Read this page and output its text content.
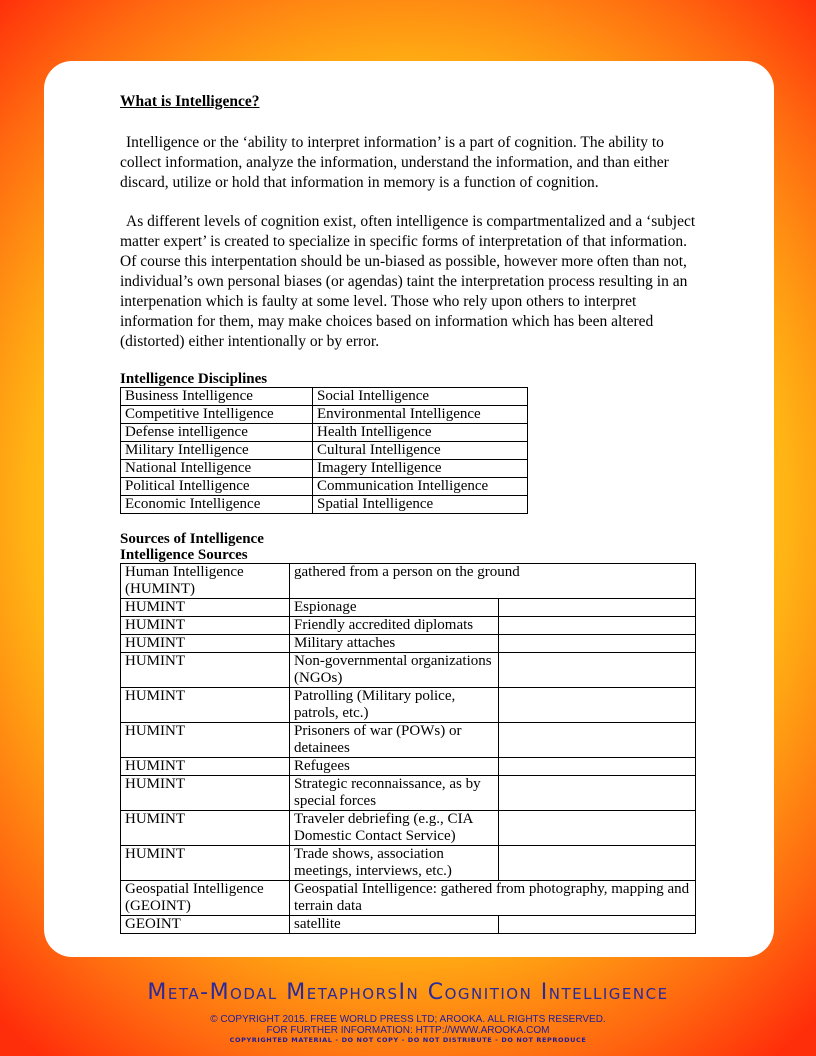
What is Intelligence?

Intelligence or the ‘ability to interpret information’ is a part of cognition. The ability to collect information, analyze the information, understand the information, and than either discard, utilize or hold that information in memory is a function of cognition.

As different levels of cognition exist, often intelligence is compartmentalized and a ‘subject matter expert’ is created to specialize in specific forms of interpretation of that information. Of course this interpentation should be un-biased as possible, however more often than not, individual’s own personal biases (or agendas) taint the interpretation process resulting in an interpenation which is faulty at some level. Those who rely upon others to interpret information for them, may make choices based on information which has been altered (distorted) either intentionally or by error.

Intelligence Disciplines
Business Intelligence	Social Intelligence
Competitive Intelligence	Environmental Intelligence
Defense intelligence	Health Intelligence
Military Intelligence	Cultural Intelligence
National Intelligence	Imagery Intelligence
Political Intelligence	Communication Intelligence
Economic Intelligence	Spatial Intelligence
Sources of Intelligence
Intelligence Sources
Human Intelligence (HUMINT)	gathered from a person on the ground	
HUMINT	Espionage	
HUMINT	Friendly accredited diplomats	
HUMINT	Military attaches	
HUMINT	Non-governmental organizations (NGOs)	
HUMINT	Patrolling (Military police, patrols, etc.)	
HUMINT	Prisoners of war (POWs) or detainees	
HUMINT	Refugees	
HUMINT	Strategic reconnaissance, as by special forces	
HUMINT	Traveler debriefing (e.g., CIA Domestic Contact Service)	
HUMINT	Trade shows, association meetings, interviews, etc.)	
Geospatial Intelligence (GEOINT)	Geospatial Intelligence: gathered from photography, mapping and terrain data	
GEOINT	satellite	
Meta-Modal MetaphorsIn Cognition Intelligence
© COPYRIGHT 2015. FREE WORLD PRESS LTD; AROOKA. ALL RIGHTS RESERVED.
FOR FURTHER INFORMATION: HTTP://WWW.AROOKA.COM
COPYRIGHTED MATERIAL - DO NOT COPY - DO NOT DISTRIBUTE - DO NOT REPRODUCE
